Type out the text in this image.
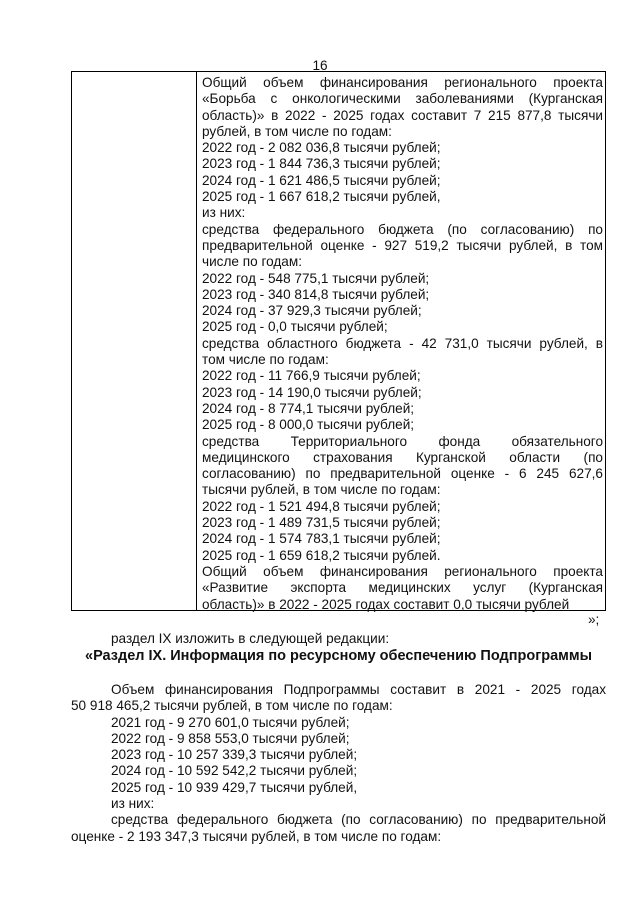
16
Общий объем финансирования регионального проекта
«Борьба с онкологическими заболеваниями (Курганская
область)» в 2022 - 2025 годах составит 7 215 877,8 тысячи
рублей, в том числе по годам:
2022 год - 2 082 036,8 тысячи рублей;
2023 год - 1 844 736,3 тысячи рублей;
2024 год - 1 621 486,5 тысячи рублей;
2025 год - 1 667 618,2 тысячи рублей,
из них:
средства федерального бюджета (по согласованию) по
предварительной оценке - 927 519,2 тысячи рублей, в том
числе по годам:
2022 год - 548 775,1 тысячи рублей;
2023 год - 340 814,8 тысячи рублей;
2024 год - 37 929,3 тысячи рублей;
2025 год - 0,0 тысячи рублей;
средства областного бюджета - 42 731,0 тысячи рублей, в
том числе по годам:
2022 год - 11 766,9 тысячи рублей;
2023 год - 14 190,0 тысячи рублей;
2024 год - 8 774,1 тысячи рублей;
2025 год - 8 000,0 тысячи рублей;
средства Территориального фонда обязательного
медицинского страхования Курганской области (по
согласованию) по предварительной оценке - 6 245 627,6
тысячи рублей, в том числе по годам:
2022 год - 1 521 494,8 тысячи рублей;
2023 год - 1 489 731,5 тысячи рублей;
2024 год - 1 574 783,1 тысячи рублей;
2025 год - 1 659 618,2 тысячи рублей.
Общий объем финансирования регионального проекта
«Развитие экспорта медицинских услуг (Курганская
область)» в 2022 - 2025 годах составит 0,0 тысячи рублей
»;
раздел IX изложить в следующей редакции:
«Раздел IX. Информация по ресурсному обеспечению Подпрограммы
Объем финансирования Подпрограммы составит в 2021 - 2025 годах
50 918 465,2 тысячи рублей, в том числе по годам:
2021 год - 9 270 601,0 тысячи рублей;
2022 год - 9 858 553,0 тысячи рублей;
2023 год - 10 257 339,3 тысячи рублей;
2024 год - 10 592 542,2 тысячи рублей;
2025 год - 10 939 429,7 тысячи рублей,
из них:
средства федерального бюджета (по согласованию) по предварительной
оценке - 2 193 347,3 тысячи рублей, в том числе по годам:
